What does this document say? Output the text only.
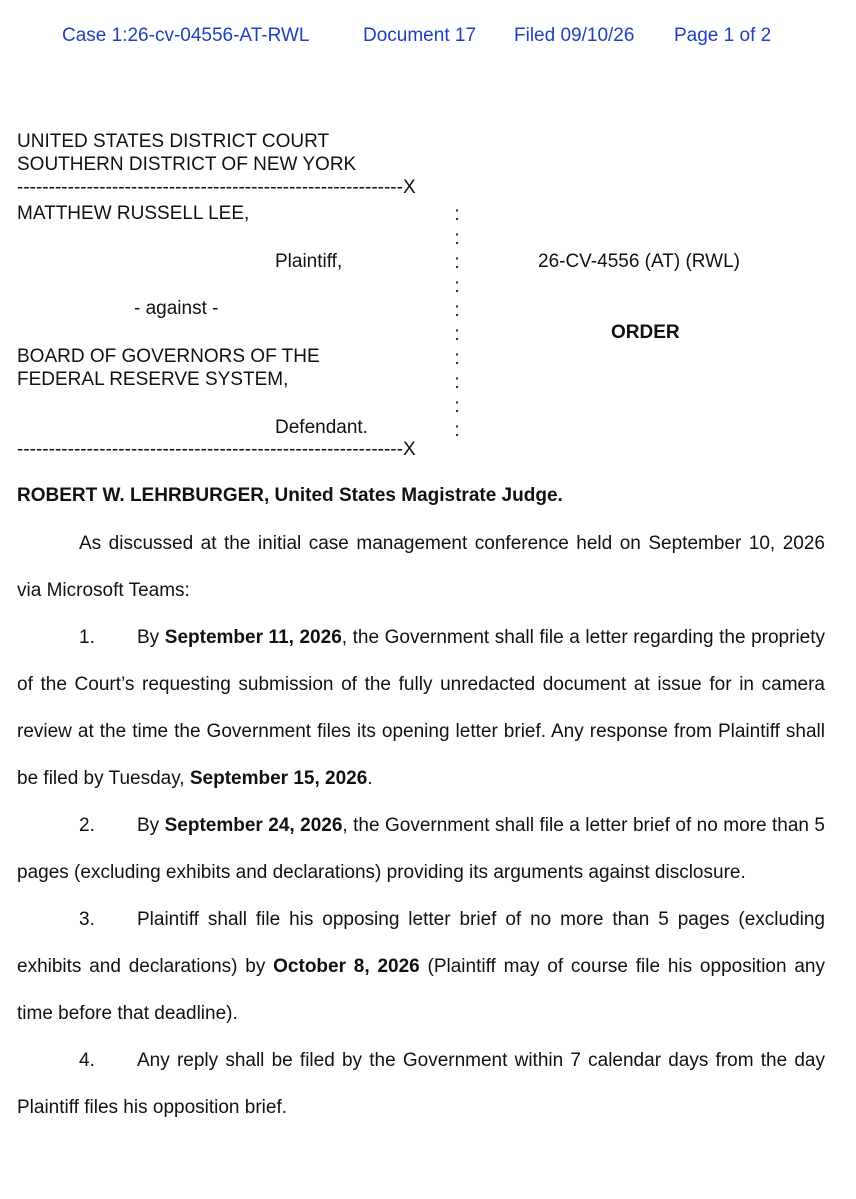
Case 1:26-cv-04556-AT-RWL	Document 17 Filed 09/10/26 Page 1 of 2
UNITED STATES DISTRICT COURT
SOUTHERN DISTRICT OF NEW YORK
-------------------------------------------------------------X
MATTHEW RUSSELL LEE,
Plaintiff,
- against -
BOARD OF GOVERNORS OF THE
FEDERAL RESERVE SYSTEM,
Defendant.
-------------------------------------------------------------X
:
:
:
:
:
:
:
:
:
:
26-CV-4556 (AT) (RWL)
ORDER
ROBERT W. LEHRBURGER, United States Magistrate Judge.

As discussed at the initial case management conference held on September 10, 2026 via Microsoft Teams:

1. By September 11, 2026, the Government shall file a letter regarding the propriety of the Court’s requesting submission of the fully unredacted document at issue for in camera review at the time the Government files its opening letter brief. Any response from Plaintiff shall be filed by Tuesday, September 15, 2026.

2. By September 24, 2026, the Government shall file a letter brief of no more than 5 pages (excluding exhibits and declarations) providing its arguments against disclosure.

3. Plaintiff shall file his opposing letter brief of no more than 5 pages (excluding exhibits and declarations) by October 8, 2026 (Plaintiff may of course file his opposition any time before that deadline).

4. Any reply shall be filed by the Government within 7 calendar days from the day Plaintiff files his opposition brief.
